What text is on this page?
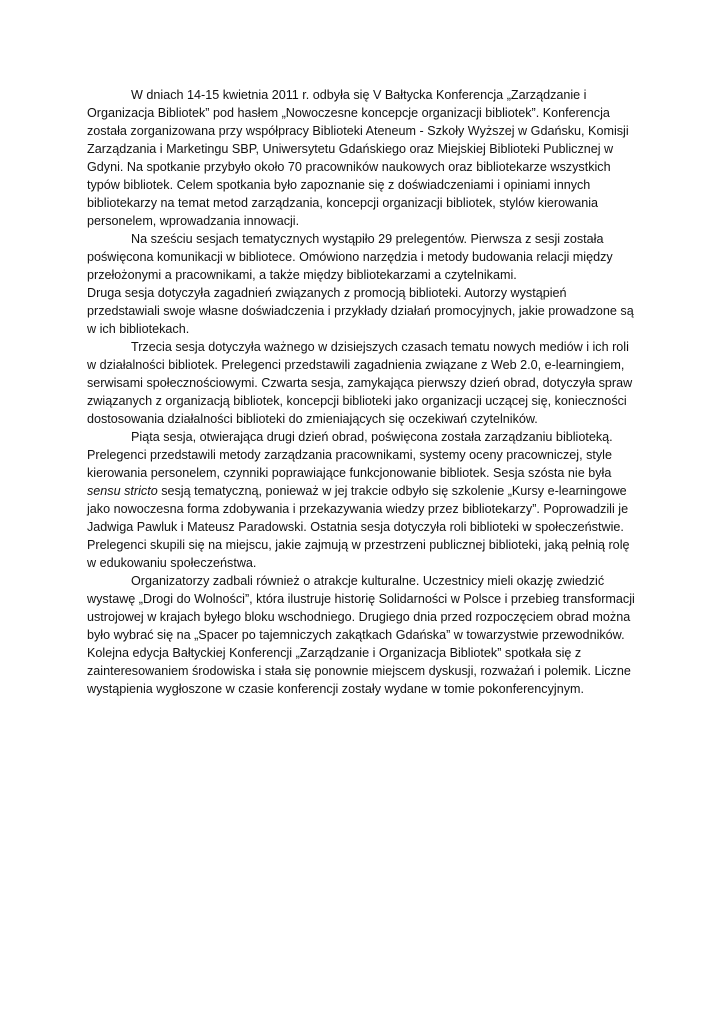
W dniach 14-15 kwietnia 2011 r. odbyła się V Bałtycka Konferencja „Zarządzanie i Organizacja Bibliotek” pod hasłem „Nowoczesne koncepcje organizacji bibliotek”. Konferencja została zorganizowana przy współpracy Biblioteki Ateneum - Szkoły Wyższej w Gdańsku, Komisji Zarządzania i Marketingu SBP, Uniwersytetu Gdańskiego oraz Miejskiej Biblioteki Publicznej w Gdyni. Na spotkanie przybyło około 70 pracowników naukowych oraz bibliotekarze wszystkich typów bibliotek. Celem spotkania było zapoznanie się z doświadczeniami i opiniami innych bibliotekarzy na temat metod zarządzania, koncepcji organizacji bibliotek, stylów kierowania personelem, wprowadzania innowacji.

Na sześciu sesjach tematycznych wystąpiło 29 prelegentów. Pierwsza z sesji została poświęcona komunikacji w bibliotece. Omówiono narzędzia i metody budowania relacji między przełożonymi a pracownikami, a także między bibliotekarzami a czytelnikami.

Druga sesja dotyczyła zagadnień związanych z promocją biblioteki. Autorzy wystąpień przedstawiali swoje własne doświadczenia i przykłady działań promocyjnych, jakie prowadzone są w ich bibliotekach.

Trzecia sesja dotyczyła ważnego w dzisiejszych czasach tematu nowych mediów i ich roli w działalności bibliotek. Prelegenci przedstawili zagadnienia związane z Web 2.0, e-learningiem, serwisami społecznościowymi. Czwarta sesja, zamykająca pierwszy dzień obrad, dotyczyła spraw związanych z organizacją bibliotek, koncepcji biblioteki jako organizacji uczącej się, konieczności dostosowania działalności biblioteki do zmieniających się oczekiwań czytelników.

Piąta sesja, otwierająca drugi dzień obrad, poświęcona została zarządzaniu biblioteką. Prelegenci przedstawili metody zarządzania pracownikami, systemy oceny pracowniczej, style kierowania personelem, czynniki poprawiające funkcjonowanie bibliotek. Sesja szósta nie była sensu stricto sesją tematyczną, ponieważ w jej trakcie odbyło się szkolenie „Kursy e-learningowe jako nowoczesna forma zdobywania i przekazywania wiedzy przez bibliotekarzy”. Poprowadzili je Jadwiga Pawluk i Mateusz Paradowski. Ostatnia sesja dotyczyła roli biblioteki w społeczeństwie. Prelegenci skupili się na miejscu, jakie zajmują w przestrzeni publicznej biblioteki, jaką pełnią rolę w edukowaniu społeczeństwa.

Organizatorzy zadbali również o atrakcje kulturalne. Uczestnicy mieli okazję zwiedzić wystawę „Drogi do Wolności”, która ilustruje historię Solidarności w Polsce i przebieg transformacji ustrojowej w krajach byłego bloku wschodniego. Drugiego dnia przed rozpoczęciem obrad można było wybrać się na „Spacer po tajemniczych zakątkach Gdańska” w towarzystwie przewodników. Kolejna edycja Bałtyckiej Konferencji „Zarządzanie i Organizacja Bibliotek” spotkała się z zainteresowaniem środowiska i stała się ponownie miejscem dyskusji, rozważań i polemik. Liczne wystąpienia wygłoszone w czasie konferencji zostały wydane w tomie pokonferencyjnym.
